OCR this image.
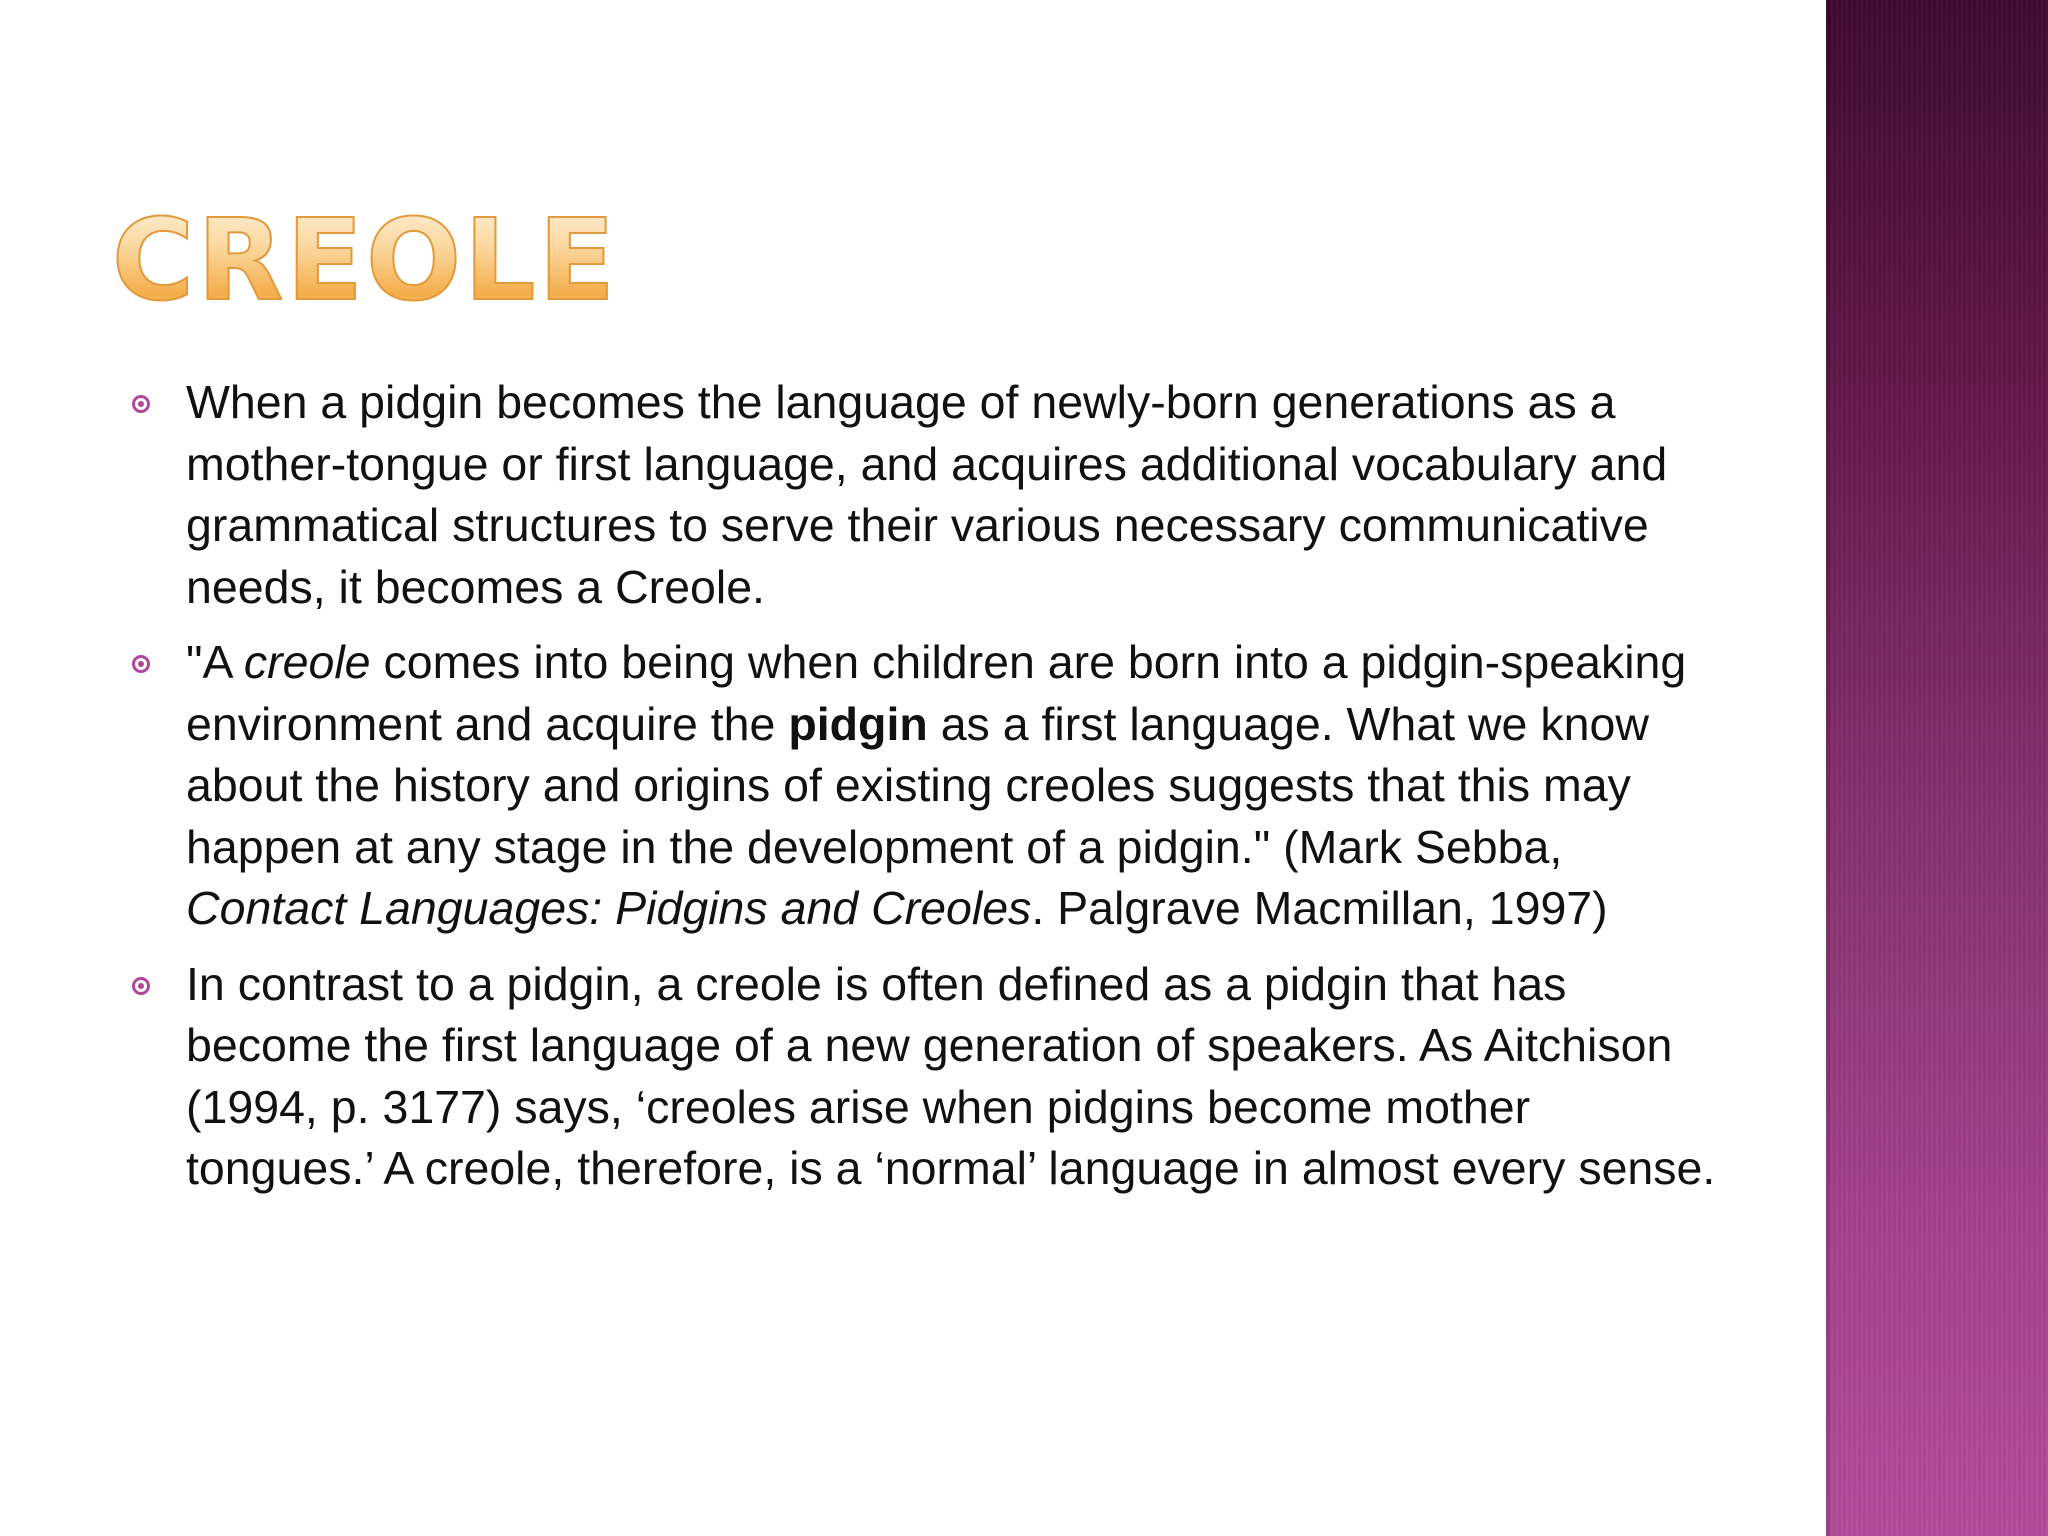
CREOLE
When a pidgin becomes the language of newly-born generations as a mother-tongue or first language, and acquires additional vocabulary and grammatical structures to serve their various necessary communicative needs, it becomes a Creole.
"A creole comes into being when children are born into a pidgin-speaking environment and acquire the pidgin as a first language. What we know about the history and origins of existing creoles suggests that this may happen at any stage in the development of a pidgin." (Mark Sebba, Contact Languages: Pidgins and Creoles. Palgrave Macmillan, 1997)
In contrast to a pidgin, a creole is often defined as a pidgin that has become the first language of a new generation of speakers. As Aitchison (1994, p. 3177) says, ‘creoles arise when pidgins become mother tongues.’ A creole, therefore, is a ‘normal’ language in almost every sense.
